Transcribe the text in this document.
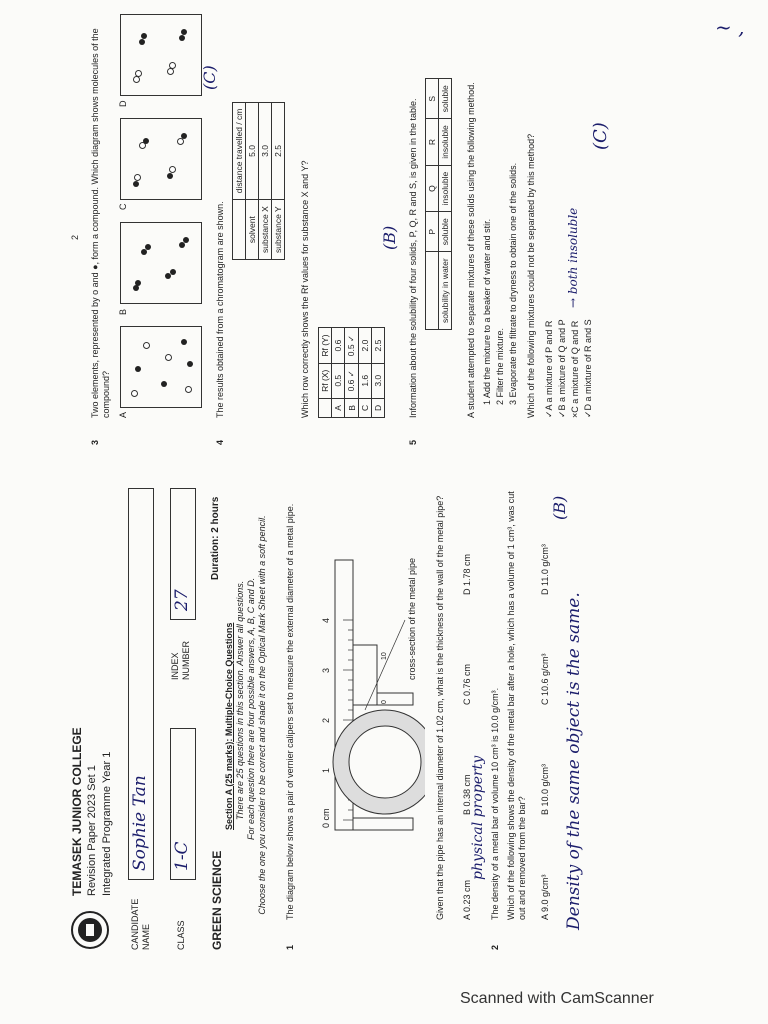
TEMASEK JUNIOR COLLEGE Revision Paper 2023 Set 1 Integrated Programme Year 1
CANDIDATE NAME
Sophie Tan
CLASS
1-C
INDEX NUMBER
27
GREEN SCIENCE
Duration: 2 hours
Section A (25 marks): Multiple-Choice Questions There are 25 questions in this section. Answer all questions. For each question there are four possible answers, A, B, C and D. Choose the one you consider to be correct and shade it on the Optical Mark Sheet with a soft pencil.
1
The diagram below shows a pair of vernier calipers set to measure the external diameter of a metal pipe.	0 cm
1
2
3
4
0
10 cross-section of the metal pipe Given that the pipe has an internal diameter of 1.02 cm, what is the thickness of the wall of the metal pipe? A 0.23 cm
B 0.38 cm
C 0.76 cm
D 1.78 cm
2
The density of a metal bar of volume 10 cm³ is 10.0 g/cm³.
physical property Which of the following shows the density of the metal bar after a hole, which has a volume of 1 cm³, was cut out and removed from the bar? A 9.0 g/cm³
B 10.0 g/cm³
C 10.6 g/cm³
D 11.0 g/cm³
(B)
Density of the same object is the same.
2
3
Two elements, represented by o and ●, form a compound. Which diagram shows molecules of the compound? A
B
C
D
(C)
4
The results obtained from a chromatogram are shown.
	distance travelled / cm
solvent	5.0
substance X	3.0
substance Y	2.5
Which row correctly shows the Rf values for substance X and Y?
	Rf (X)	Rf (Y)
A	0.5	0.6
B	0.6 ✓	0.5 ✓
C	1.6	2.0
D	3.0	2.5
(B)
5
Information about the solubility of four solids, P, Q, R and S, is given in the table.
	P	Q	R	S
solubility in water	soluble	insoluble	insoluble	soluble A student attempted to separate mixtures of these solids using the following method. 1 Add the mixture to a beaker of water and stir. 2 Filter the mixture. 3 Evaporate the filtrate to dryness to obtain one of the solids. Which of the following mixtures could not be separated by this method? ✓A a mixture of P and R ✓B a mixture of Q and P ×C a mixture of Q and R
→ both insoluble
✓D a mixture of R and S
(C)
~ ,
Scanned with CamScanner
